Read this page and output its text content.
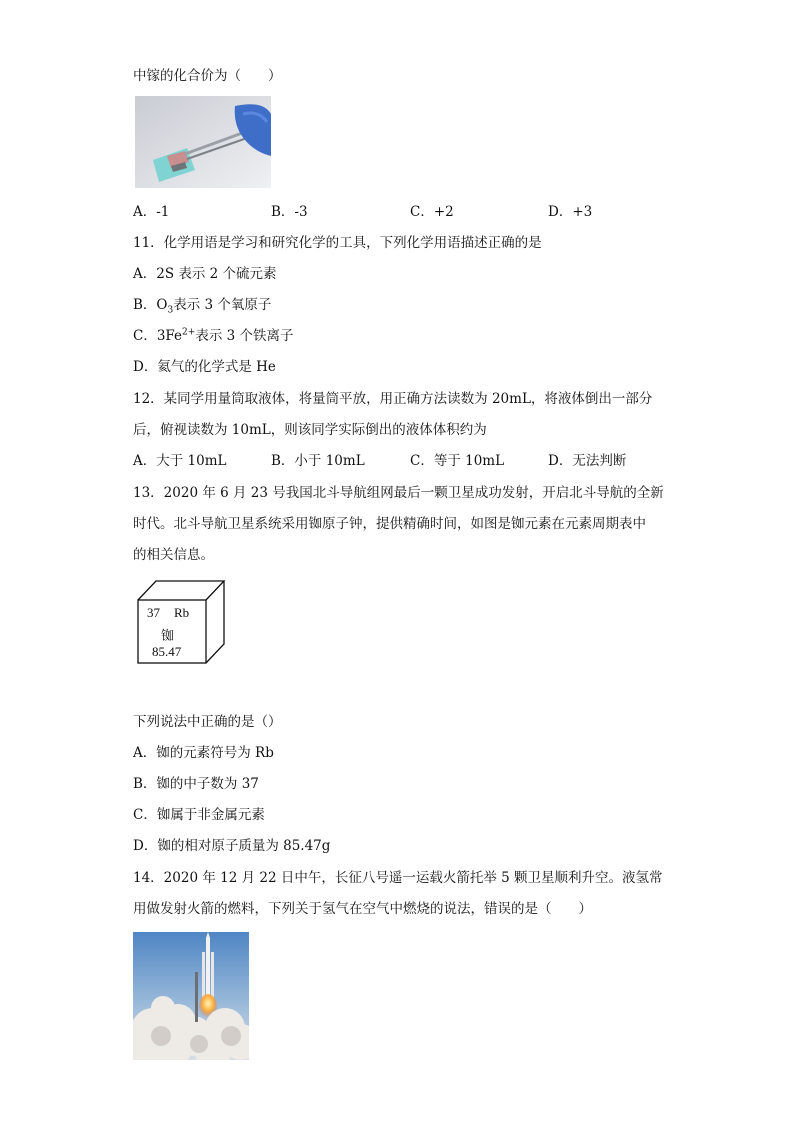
中镓的化合价为（　　）
A．-1	B．-3	C．+2	D．+3
11．化学用语是学习和研究化学的工具，下列化学用语描述正确的是
A．2S 表示 2 个硫元素
B．$O_3$表示 3 个氧原子
C．$3Fe^{2+}$表示 3 个铁离子
D．氦气的化学式是 He
12．某同学用量筒取液体，将量筒平放，用正确方法读数为 20mL，将液体倒出一部分
后，俯视读数为 10mL，则该同学实际倒出的液体体积约为
A．大于 10mL	B．小于 10mL	C．等于 10mL	D．无法判断
13．2020 年 6 月 23 号我国北斗导航组网最后一颗卫星成功发射，开启北斗导航的全新
时代。北斗导航卫星系统采用铷原子钟，提供精确时间，如图是铷元素在元素周期表中
的相关信息。
37 Rb
铷
85.47
下列说法中正确的是（）
A．铷的元素符号为 Rb
B．铷的中子数为 37
C．铷属于非金属元素
D．铷的相对原子质量为 85.47g
14．2020 年 12 月 22 日中午，长征八号遥一运载火箭托举 5 颗卫星顺利升空。液氢常
用做发射火箭的燃料，下列关于氢气在空气中燃烧的说法，错误的是（　　）
